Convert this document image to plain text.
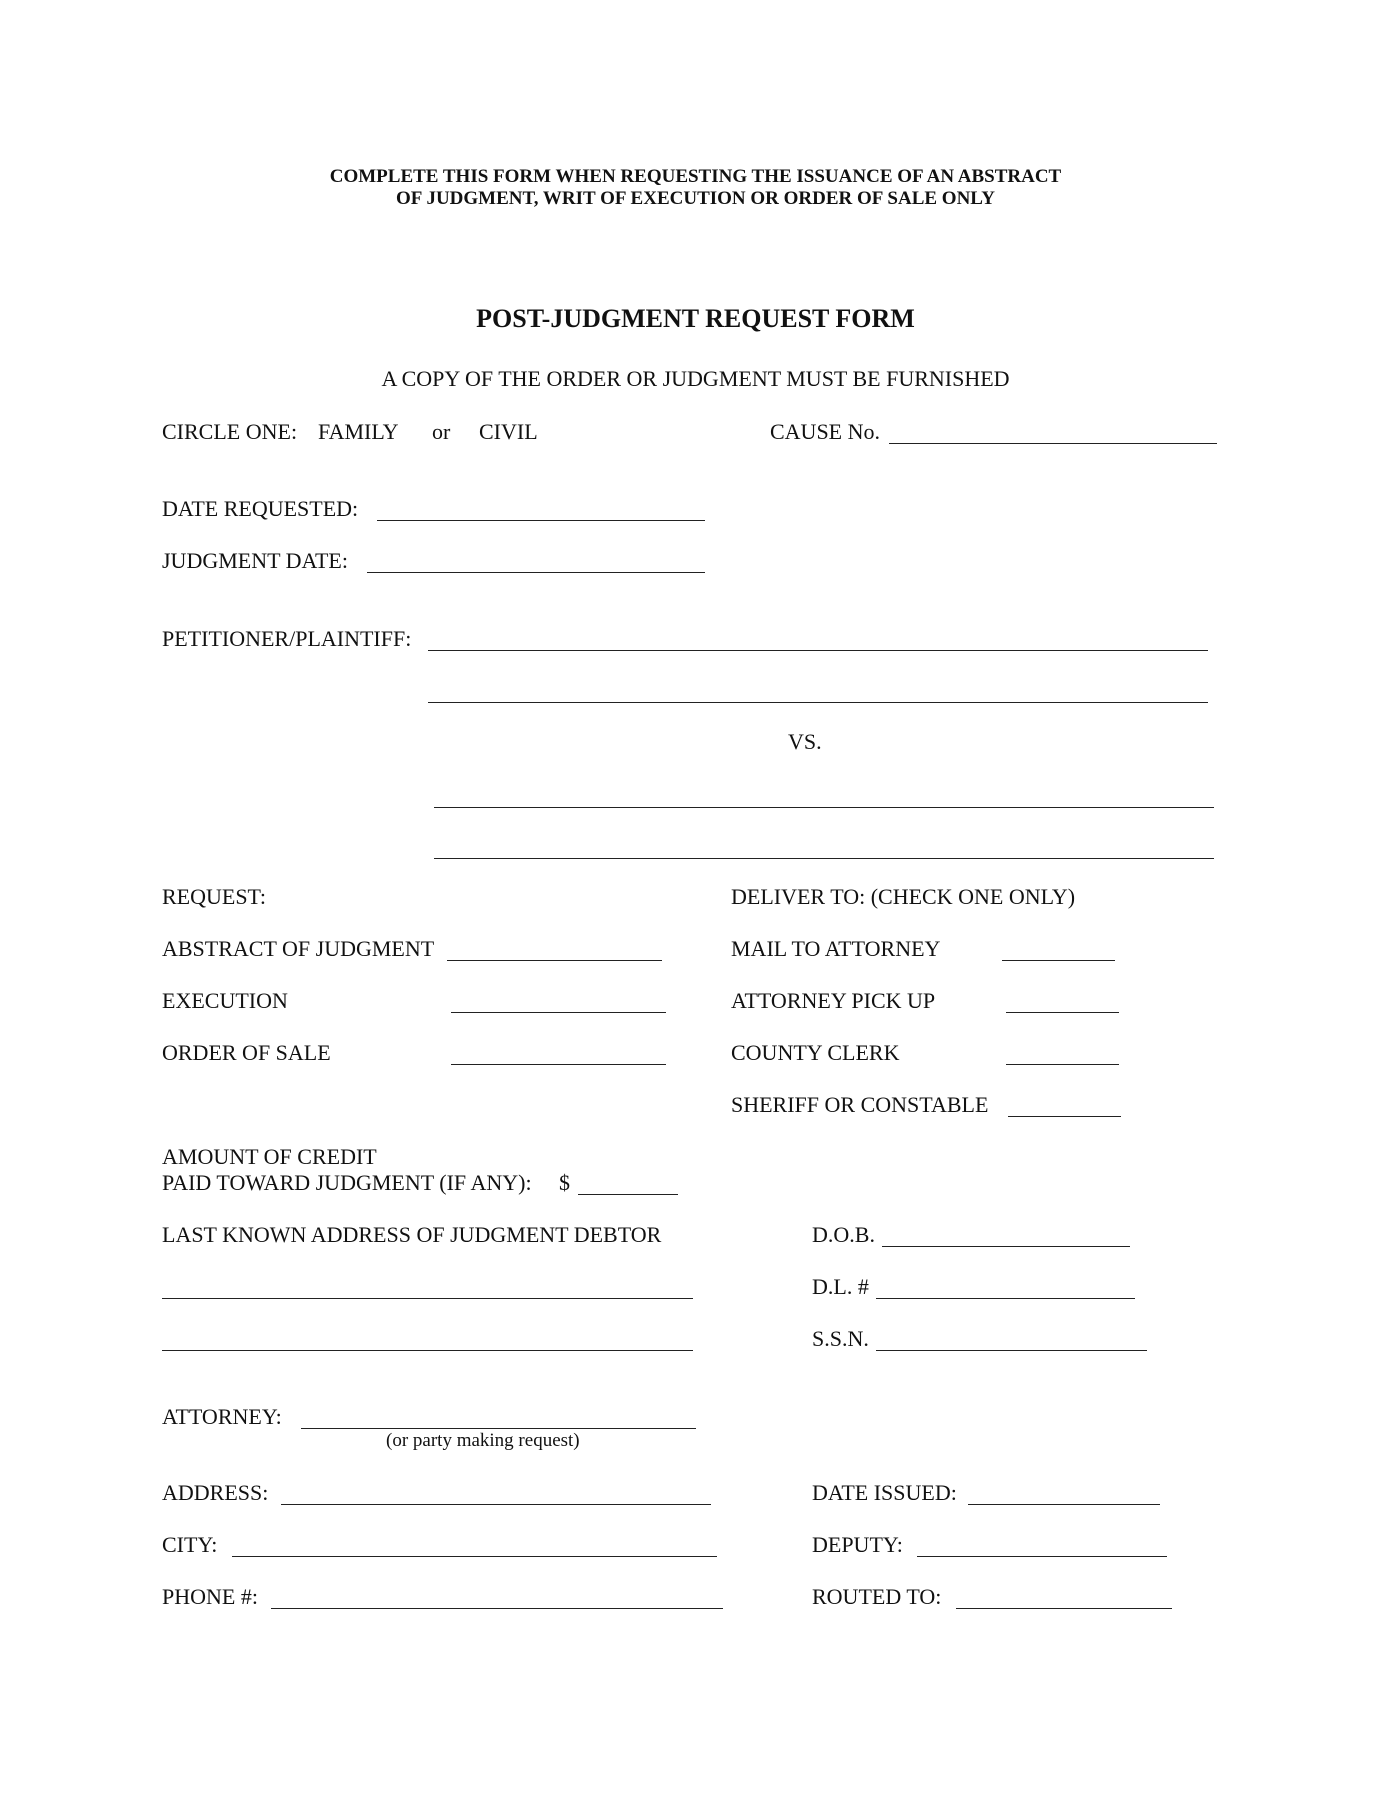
COMPLETE THIS FORM WHEN REQUESTING THE ISSUANCE OF AN ABSTRACT
OF JUDGMENT, WRIT OF EXECUTION OR ORDER OF SALE ONLY
POST-JUDGMENT REQUEST FORM
A COPY OF THE ORDER OR JUDGMENT MUST BE FURNISHED
CIRCLE ONE: FAMILY or CIVIL	CAUSE No.
DATE REQUESTED:
JUDGMENT DATE:
PETITIONER/PLAINTIFF:
VS.
REQUEST:
ABSTRACT OF JUDGMENT
EXECUTION
ORDER OF SALE
DELIVER TO: (CHECK ONE ONLY)
MAIL TO ATTORNEY
ATTORNEY PICK UP
COUNTY CLERK
SHERIFF OR CONSTABLE
AMOUNT OF CREDIT
PAID TOWARD JUDGMENT (IF ANY): $
LAST KNOWN ADDRESS OF JUDGMENT DEBTOR	D.O.B.
D.L. #
S.S.N.
ATTORNEY:
(or party making request)
ADDRESS:
CITY:
PHONE #:
DATE ISSUED:
DEPUTY:
ROUTED TO:
